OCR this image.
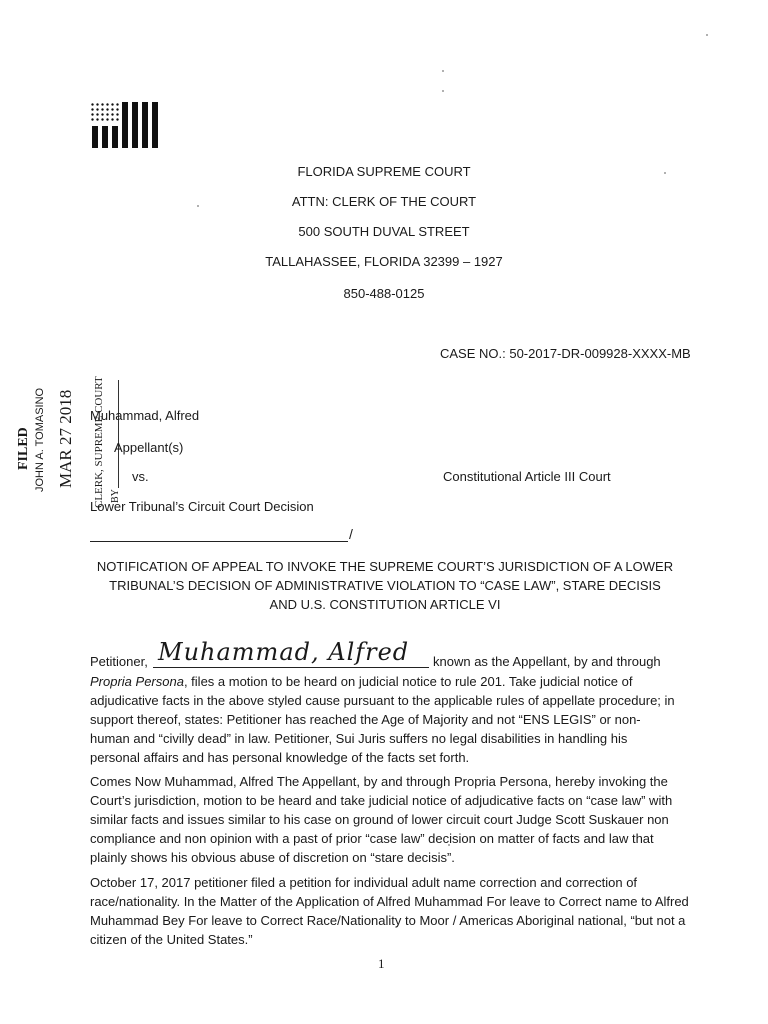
FLORIDA SUPREME COURT
ATTN: CLERK OF THE COURT
500 SOUTH DUVAL STREET
TALLAHASSEE, FLORIDA 32399 – 1927
850-488-0125
CASE NO.: 50-2017-DR-009928-XXXX-MB
FILED JOHN A. TOMASINO MAR 27 2018 CLERK, SUPREME COURT BY
Muhammad, Alfred
Appellant(s)
vs.	Constitutional Article III Court
Lower Tribunal’s Circuit Court Decision
/
NOTIFICATION OF APPEAL TO INVOKE THE SUPREME COURT’S JURISDICTION OF A LOWER TRIBUNAL’S DECISION OF ADMINISTRATIVE VIOLATION TO “CASE LAW”, STARE DECISIS AND U.S. CONSTITUTION ARTICLE VI
Petitioner, Muhammad, Alfred known as the Appellant, by and through
Propria Persona, files a motion to be heard on judicial notice to rule 201. Take judicial notice of adjudicative facts in the above styled cause pursuant to the applicable rules of appellate procedure; in support thereof, states: Petitioner has reached the Age of Majority and not “ENS LEGIS” or non-human and “civilly dead” in law. Petitioner, Sui Juris suffers no legal disabilities in handling his personal affairs and has personal knowledge of the facts set forth.
Comes Now Muhammad, Alfred The Appellant, by and through Propria Persona, hereby invoking the Court’s jurisdiction, motion to be heard and take judicial notice of adjudicative facts on “case law” with similar facts and issues similar to his case on ground of lower circuit court Judge Scott Suskauer non compliance and non opinion with a past of prior “case law” decision on matter of facts and law that plainly shows his obvious abuse of discretion on “stare decisis”.
October 17, 2017 petitioner filed a petition for individual adult name correction and correction of race/nationality. In the Matter of the Application of Alfred Muhammad For leave to Correct name to Alfred Muhammad Bey For leave to Correct Race/Nationality to Moor / Americas Aboriginal national, “but not a citizen of the United States.”
1
